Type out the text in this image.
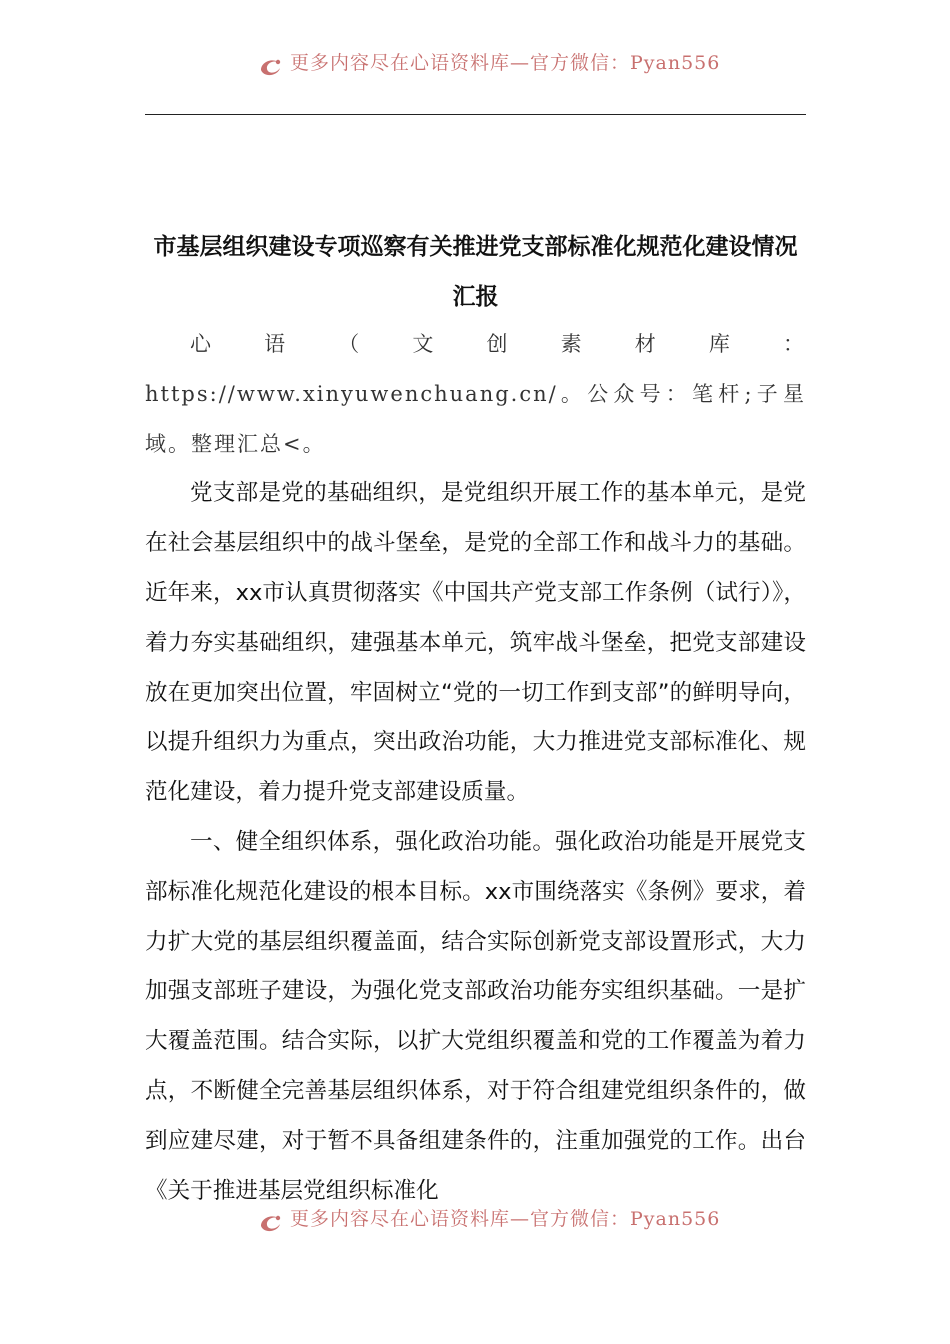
更多内容尽在心语资料库—官方微信：Pyan556
市基层组织建设专项巡察有关推进党支部标准化规范化建设情况汇报

心语（文创素材库：https://www.xinyuwenchuang.cn/。公众号：笔杆;子星域。整理汇总<。

党支部是党的基础组织，是党组织开展工作的基本单元，是党在社会基层组织中的战斗堡垒，是党的全部工作和战斗力的基础。近年来，xx市认真贯彻落实《中国共产党支部工作条例（试行）》，着力夯实基础组织，建强基本单元，筑牢战斗堡垒，把党支部建设放在更加突出位置，牢固树立“党的一切工作到支部”的鲜明导向，以提升组织力为重点，突出政治功能，大力推进党支部标准化、规范化建设，着力提升党支部建设质量。

一、健全组织体系，强化政治功能。强化政治功能是开展党支部标准化规范化建设的根本目标。xx市围绕落实《条例》要求，着力扩大党的基层组织覆盖面，结合实际创新党支部设置形式，大力加强支部班子建设，为强化党支部政治功能夯实组织基础。一是扩大覆盖范围。结合实际，以扩大党组织覆盖和党的工作覆盖为着力点，不断健全完善基层组织体系，对于符合组建党组织条件的，做到应建尽建，对于暂不具备组建条件的，注重加强党的工作。出台《关于推进基层党组织标准化

更多内容尽在心语资料库—官方微信：Pyan556
